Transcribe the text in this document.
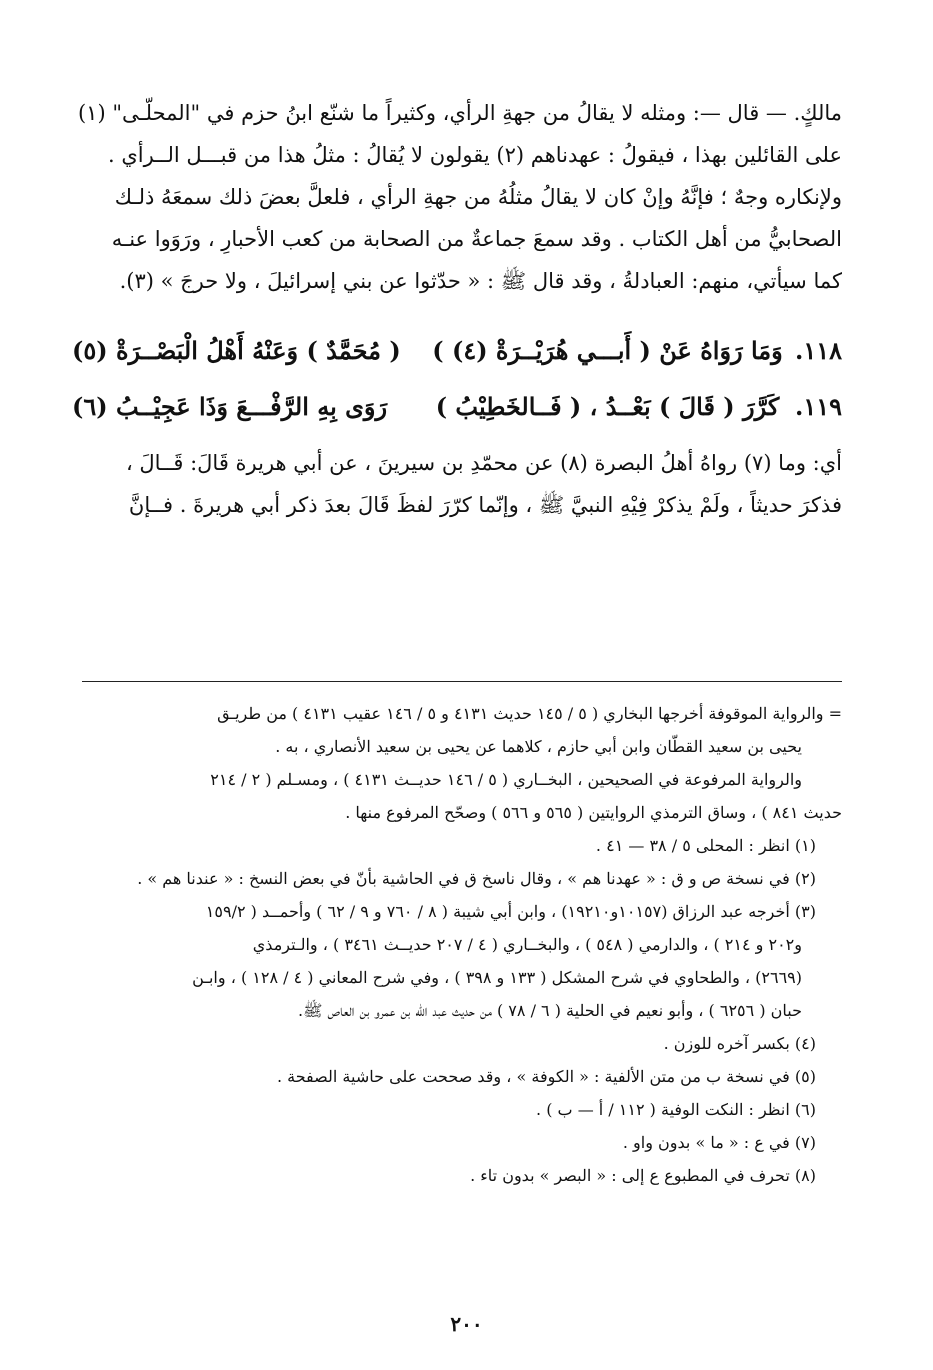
مالكٍ. — قال —: ومثله لا يقالُ من جهةِ الرأي، وكثيراً ما شنّع ابنُ حزم في "المحلّـى" (١)

على القائلين بهذا ، فيقولُ : عهدناهم (٢) يقولون لا يُقالُ : مثلُ هذا من قبـــل الــرأي .

ولإنكاره وجهٌ ؛ فإنَّهُ وإنْ كان لا يقالُ مثلُهُ من جهةِ الرأي ، فلعلَّ بعضَ ذلك سمعَهُ ذلـك

الصحابيُّ من أهل الكتاب . وقد سمعَ جماعةٌ من الصحابة من كعب الأحبارِ ، ورَوَوا عنـه

كما سيأتي، منهم: العبادلةُ ، وقد قال ﷺ : « حدّثوا عن بني إسرائيلَ ، ولا حرجَ » (٣).

١١٨.
وَمَا رَوَاهُ عَنْ ( أَبـــي هُرَيْــرَةْ (٤) )
( مُحَمَّدٌ ) وَعَنْهُ أَهْلُ الْبَصْــرَةْ (٥)
١١٩.
كَرَّرَ ( قَالَ ) بَعْــدُ ، ( فَــالخَطِيْبُ )
رَوَى بِهِ الرَّفْـــعَ وَذَا عَجِيْــبُ (٦)

أي: وما (٧) رواهُ أهلُ البصرة (٨) عن محمّدِ بن سيرينَ ، عن أبي هريرة قَالَ: قَــالَ ،

فذكرَ حديثاً ، ولَمْ يذكرْ فِيْهِ النبيَّ ﷺ ، وإنّما كرّرَ لفظَ قَالَ بعدَ ذكر أبي هريرةَ . فــإنَّ

= والرواية الموقوفة أخرجها البخاري ( ٥ / ١٤٥ حديث ٤١٣١ و ٥ / ١٤٦ عقيب ٤١٣١ ) من طريـق

يحيى بن سعيد القطّان وابن أبي حازم ، كلاهما عن يحيى بن سعيد الأنصاري ، به .

والرواية المرفوعة في الصحيحين ، البخــاري ( ٥ / ١٤٦ حديــث ٤١٣١ ) ، ومسـلم ( ٢ / ٢١٤

حديث ٨٤١ ) ، وساق الترمذي الروايتين ( ٥٦٥ و ٥٦٦ ) وصحّح المرفوع منها .

(١) انظر : المحلى ٥ / ٣٨ — ٤١ .

(٢) في نسخة ص و ق : « عهدنا هم » ، وقال ناسخ ق في الحاشية بأنّ في بعض النسخ : « عندنا هم » .

(٣) أخرجه عبد الرزاق (١٠١٥٧و١٩٢١٠) ، وابن أبي شيبة ( ٨ / ٧٦٠ و ٩ / ٦٢ ) وأحمــد ( ١٥٩/٢

و٢٠٢ و ٢١٤ ) ، والدارمي ( ٥٤٨ ) ، والبخــاري ( ٤ / ٢٠٧ حديــث ٣٤٦١ ) ، والـترمذي

(٢٦٦٩) ، والطحاوي في شرح المشكل ( ١٣٣ و ٣٩٨ ) ، وفي شرح المعاني ( ٤ / ١٢٨ ) ، وابـن

حبان ( ٦٢٥٦ ) ، وأبو نعيم في الحلية ( ٦ / ٧٨ ) من حديث عبد الله بن عمرو بن العاص ﷺ.

(٤) بكسر آخره للوزن .

(٥) في نسخة ب من متن الألفية : « الكوفة » ، وقد صححت على حاشية الصفحة .

(٦) انظر : النكت الوفية ( ١١٢ / أ — ب ) .

(٧) في ع : « ما » بدون واو .

(٨) تحرف في المطبوع ع إلى : « البصر » بدون تاء .

٢٠٠
